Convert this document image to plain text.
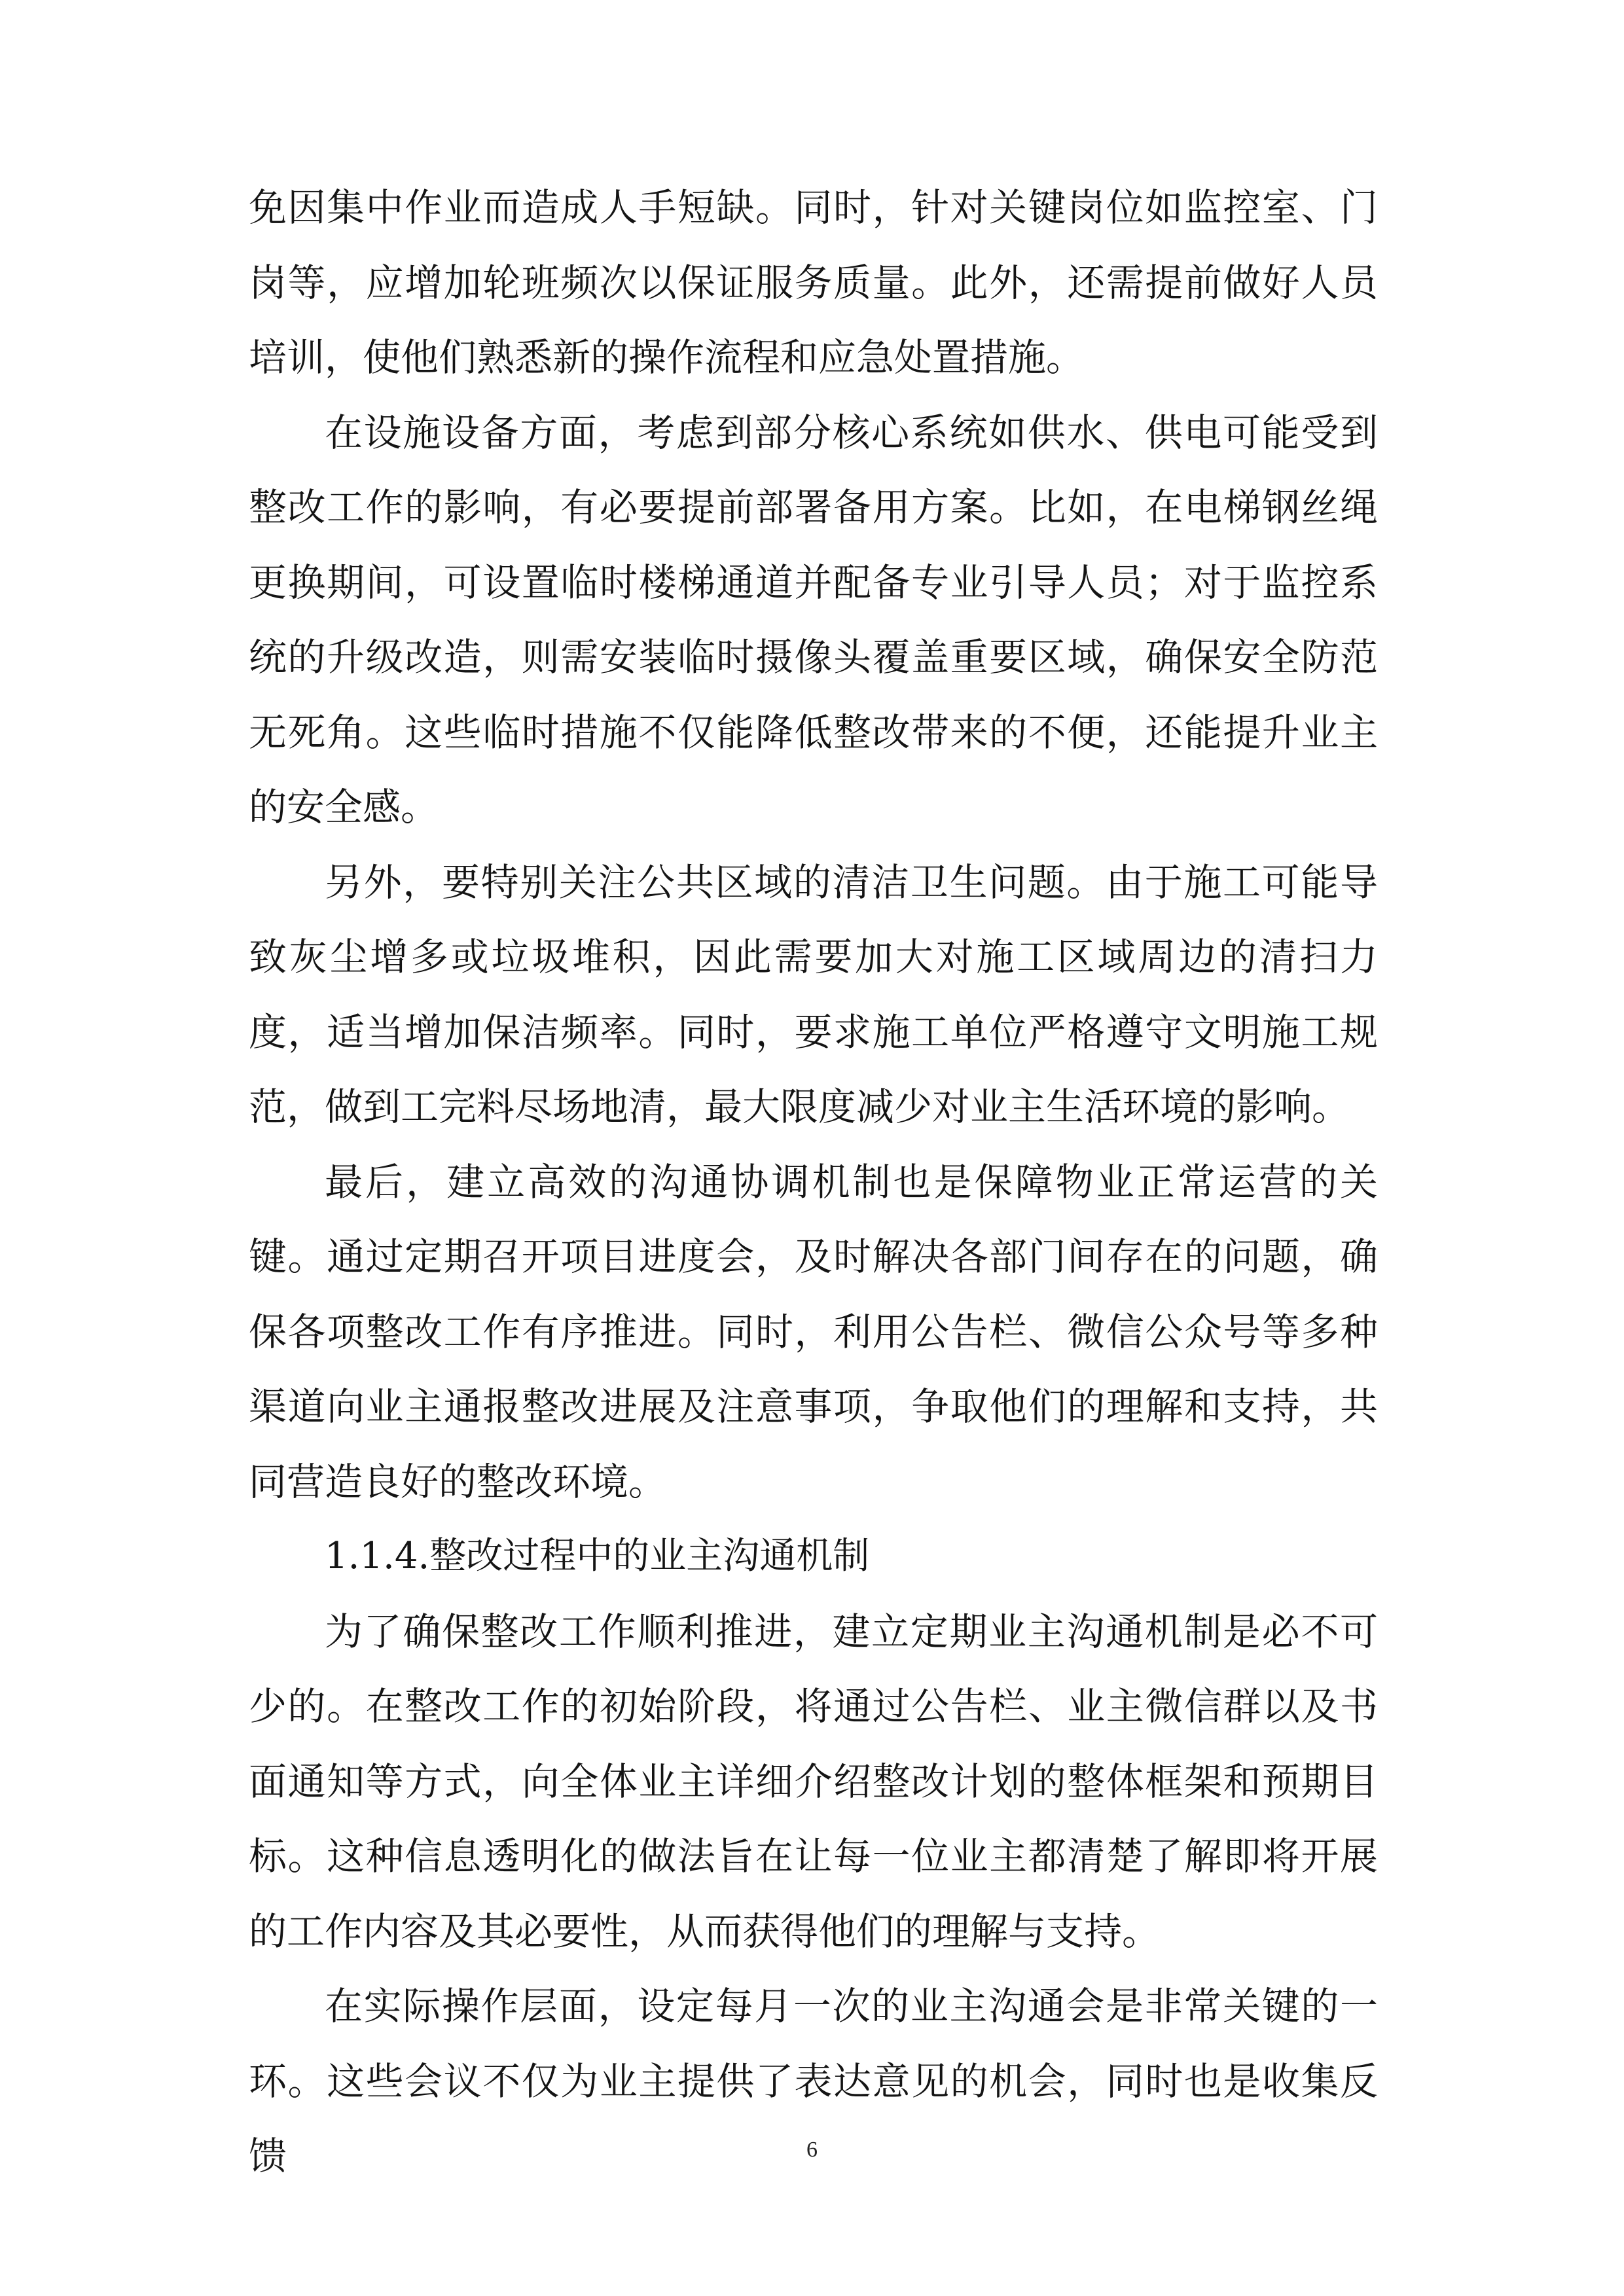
免因集中作业而造成人手短缺。同时，针对关键岗位如监控室、门岗等，应增加轮班频次以保证服务质量。此外，还需提前做好人员培训，使他们熟悉新的操作流程和应急处置措施。

在设施设备方面，考虑到部分核心系统如供水、供电可能受到整改工作的影响，有必要提前部署备用方案。比如，在电梯钢丝绳更换期间，可设置临时楼梯通道并配备专业引导人员；对于监控系统的升级改造，则需安装临时摄像头覆盖重要区域，确保安全防范无死角。这些临时措施不仅能降低整改带来的不便，还能提升业主的安全感。

另外，要特别关注公共区域的清洁卫生问题。由于施工可能导致灰尘增多或垃圾堆积，因此需要加大对施工区域周边的清扫力度，适当增加保洁频率。同时，要求施工单位严格遵守文明施工规范，做到工完料尽场地清，最大限度减少对业主生活环境的影响。

最后，建立高效的沟通协调机制也是保障物业正常运营的关键。通过定期召开项目进度会，及时解决各部门间存在的问题，确保各项整改工作有序推进。同时，利用公告栏、微信公众号等多种渠道向业主通报整改进展及注意事项，争取他们的理解和支持，共同营造良好的整改环境。

1.1.4.整改过程中的业主沟通机制

为了确保整改工作顺利推进，建立定期业主沟通机制是必不可少的。在整改工作的初始阶段，将通过公告栏、业主微信群以及书面通知等方式，向全体业主详细介绍整改计划的整体框架和预期目标。这种信息透明化的做法旨在让每一位业主都清楚了解即将开展的工作内容及其必要性，从而获得他们的理解与支持。

在实际操作层面，设定每月一次的业主沟通会是非常关键的一环。这些会议不仅为业主提供了表达意见的机会，同时也是收集反馈	6
